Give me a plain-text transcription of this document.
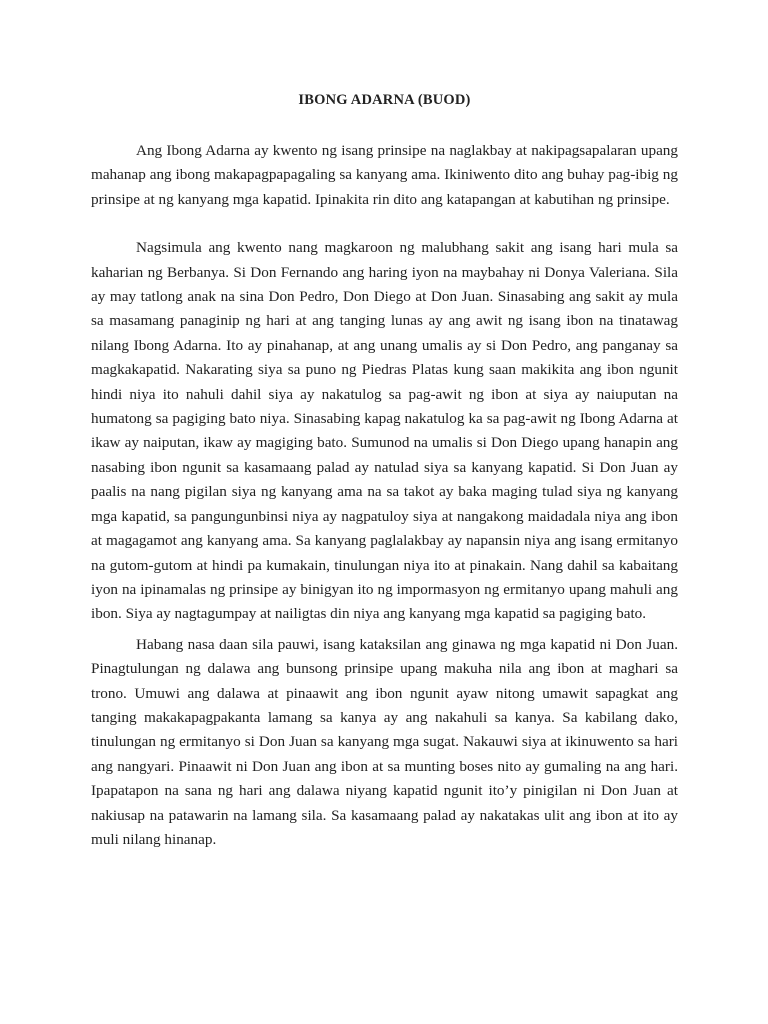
IBONG ADARNA (BUOD)

Ang Ibong Adarna ay kwento ng isang prinsipe na naglakbay at nakipagsapalaran upang mahanap ang ibong makapagpapagaling sa kanyang ama. Ikiniwento dito ang buhay pag-ibig ng prinsipe at ng kanyang mga kapatid. Ipinakita rin dito ang katapangan at kabutihan ng prinsipe.

Nagsimula ang kwento nang magkaroon ng malubhang sakit ang isang hari mula sa kaharian ng Berbanya. Si Don Fernando ang haring iyon na maybahay ni Donya Valeriana. Sila ay may tatlong anak na sina Don Pedro, Don Diego at Don Juan. Sinasabing ang sakit ay mula sa masamang panaginip ng hari at ang tanging lunas ay ang awit ng isang ibon na tinatawag nilang Ibong Adarna. Ito ay pinahanap, at ang unang umalis ay si Don Pedro, ang panganay sa magkakapatid. Nakarating siya sa puno ng Piedras Platas kung saan makikita ang ibon ngunit hindi niya ito nahuli dahil siya ay nakatulog sa pag-awit ng ibon at siya ay naiuputan na humatong sa pagiging bato niya. Sinasabing kapag nakatulog ka sa pag-awit ng Ibong Adarna at ikaw ay naiputan, ikaw ay magiging bato. Sumunod na umalis si Don Diego upang hanapin ang nasabing ibon ngunit sa kasamaang palad ay natulad siya sa kanyang kapatid. Si Don Juan ay paalis na nang pigilan siya ng kanyang ama na sa takot ay baka maging tulad siya ng kanyang mga kapatid, sa pangungunbinsi niya ay nagpatuloy siya at nangakong maidadala niya ang ibon at magagamot ang kanyang ama. Sa kanyang paglalakbay ay napansin niya ang isang ermitanyo na gutom-gutom at hindi pa kumakain, tinulungan niya ito at pinakain. Nang dahil sa kabaitang iyon na ipinamalas ng prinsipe ay binigyan ito ng impormasyon ng ermitanyo upang mahuli ang ibon. Siya ay nagtagumpay at nailigtas din niya ang kanyang mga kapatid sa pagiging bato.

Habang nasa daan sila pauwi, isang kataksilan ang ginawa ng mga kapatid ni Don Juan. Pinagtulungan ng dalawa ang bunsong prinsipe upang makuha nila ang ibon at maghari sa trono. Umuwi ang dalawa at pinaawit ang ibon ngunit ayaw nitong umawit sapagkat ang tanging makakapagpakanta lamang sa kanya ay ang nakahuli sa kanya. Sa kabilang dako, tinulungan ng ermitanyo si Don Juan sa kanyang mga sugat. Nakauwi siya at ikinuwento sa hari ang nangyari. Pinaawit ni Don Juan ang ibon at sa munting boses nito ay gumaling na ang hari. Ipapatapon na sana ng hari ang dalawa niyang kapatid ngunit ito’y pinigilan ni Don Juan at nakiusap na patawarin na lamang sila. Sa kasamaang palad ay nakatakas ulit ang ibon at ito ay muli nilang hinanap.
